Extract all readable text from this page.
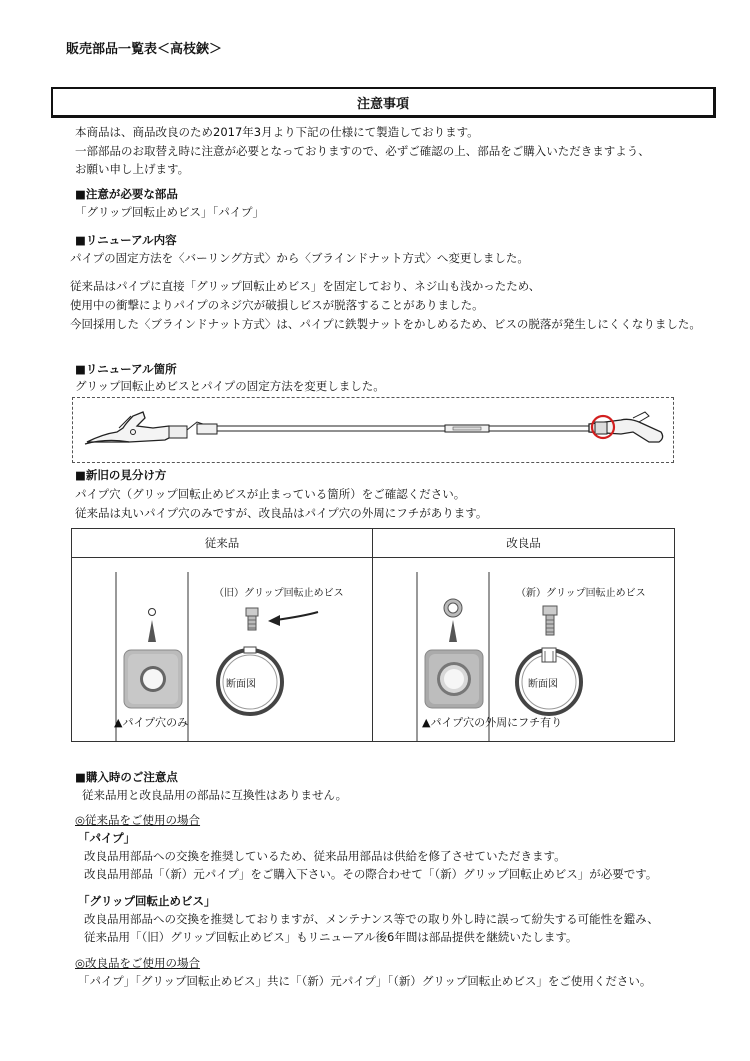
販売部品一覧表＜高枝鋏＞
注意事項
本商品は、商品改良のため2017年3月より下記の仕様にて製造しております。
一部部品のお取替え時に注意が必要となっておりますので、必ずご確認の上、部品をご購入いただきますよう、
お願い申し上げます。
■注意が必要な部品
「グリップ回転止めビス」「パイプ」
■リニューアル内容
パイプの固定方法を〈バーリング方式〉から〈ブラインドナット方式〉へ変更しました。
従来品はパイプに直接「グリップ回転止めビス」を固定しており、ネジ山も浅かったため、
使用中の衝撃によりパイプのネジ穴が破損しビスが脱落することがありました。
今回採用した〈ブラインドナット方式〉は、パイプに鉄製ナットをかしめるため、ビスの脱落が発生しにくくなりました。
■リニューアル箇所
グリップ回転止めビスとパイプの固定方法を変更しました。
■新旧の見分け方
パイプ穴（グリップ回転止めビスが止まっている箇所）をご確認ください。
従来品は丸いパイプ穴のみですが、改良品はパイプ穴の外周にフチがあります。
従来品	改良品
（旧）グリップ回転止めビス
断面図
▲パイプ穴のみ
（新）グリップ回転止めビス
断面図
▲パイプ穴の外周にフチ有り
■購入時のご注意点
従来品用と改良品用の部品に互換性はありません。
◎従来品をご使用の場合
「パイプ」
改良品用部品への交換を推奨しているため、従来品用部品は供給を修了させていただきます。
改良品用部品「（新）元パイプ」をご購入下さい。その際合わせて「（新）グリップ回転止めビス」が必要です。
「グリップ回転止めビス」
改良品用部品への交換を推奨しておりますが、メンテナンス等での取り外し時に誤って紛失する可能性を鑑み、
従来品用「（旧）グリップ回転止めビス」もリニューアル後6年間は部品提供を継続いたします。
◎改良品をご使用の場合
「パイプ」「グリップ回転止めビス」共に「（新）元パイプ」「（新）グリップ回転止めビス」をご使用ください。
